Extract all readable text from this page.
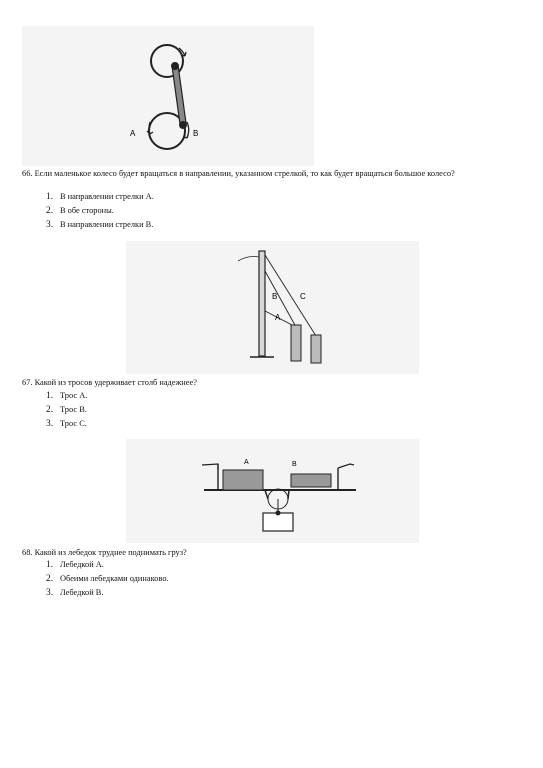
A	B

66. Если маленькое колесо будет вращаться в направлении, указанном стрелкой, то как будет вращаться большое колесо?

1. В направлении стрелки А.
2. В обе стороны.
3. В направлении стрелки В.
B	C
A

67. Какой из тросов удерживает столб надежнее?

1. Трос А.
2. Трос В.
3. Трос С.
A	B

68. Какой из лебедок труднее поднимать груз?

1. Лебедкой А.
2. Обеими лебедками одинаково.
3. Лебедкой В.
